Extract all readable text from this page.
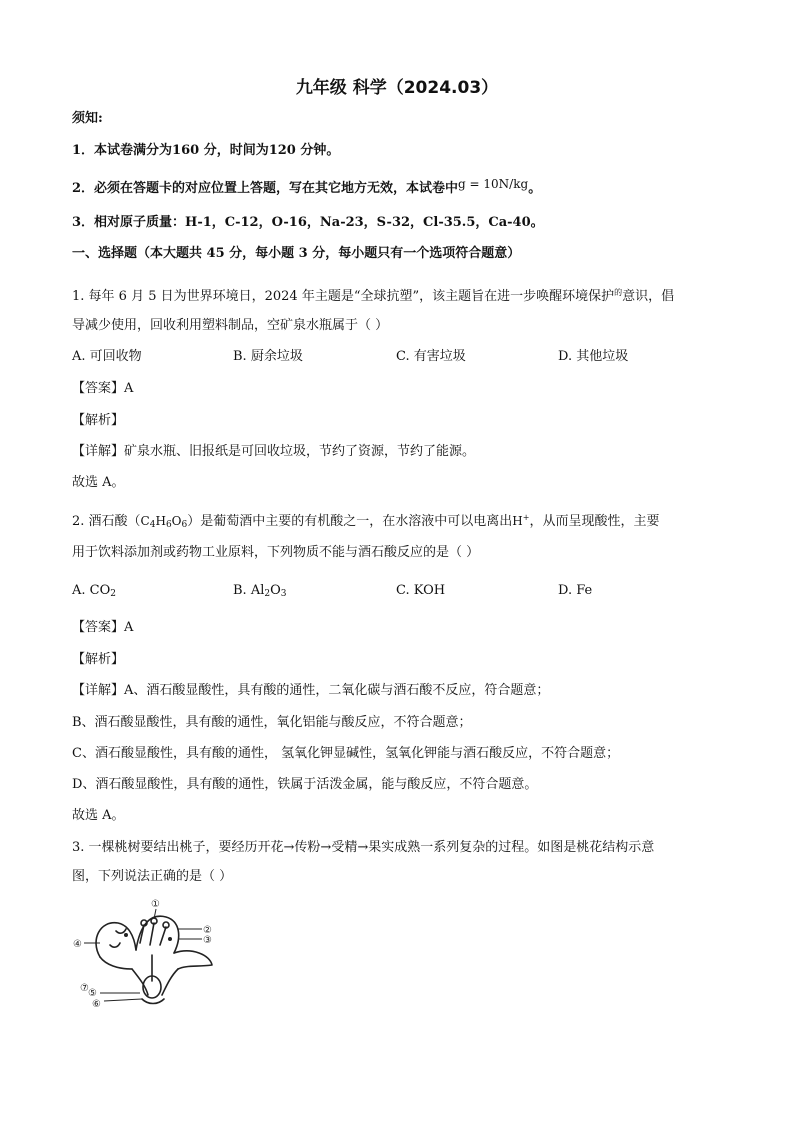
九年级 科学（2024.03）
须知:
1．本试卷满分为160 分，时间为120 分钟。
2．必须在答题卡的对应位置上答题，写在其它地方无效，本试卷中g = 10N/kg。
3．相对原子质量：H-1，C-12，O-16，Na-23，S-32，Cl-35.5，Ca-40。
一、选择题（本大题共 45 分，每小题 3 分，每小题只有一个选项符合题意）
1. 每年 6 月 5 日为世界环境日，2024 年主题是“全球抗塑”，该主题旨在进一步唤醒环境保护$^的$意识，倡
导减少使用，回收利用塑料制品，空矿泉水瓶属于（ ）
A. 可回收物	B. 厨余垃圾	C. 有害垃圾	D. 其他垃圾
【答案】A
【解析】
【详解】矿泉水瓶、旧报纸是可回收垃圾，节约了资源，节约了能源。
故选 A。
2. 酒石酸$(C_4H_6O_6)$是葡萄酒中主要的有机酸之一，在水溶液中可以电离出H+，从而呈现酸性，主要
用于饮料添加剂或药物工业原料，下列物质不能与酒石酸反应的是（ ）
A. $CO_2$	B. $Al_2O_3$	C. KOH	D. Fe
【答案】A
【解析】
【详解】A、酒石酸显酸性，具有酸的通性，二氧化碳与酒石酸不反应，符合题意；
B、酒石酸显酸性，具有酸的通性，氧化铝能与酸反应，不符合题意；
C、酒石酸显酸性，具有酸的通性， 氢氧化钾显碱性，氢氧化钾能与酒石酸反应，不符合题意；
D、酒石酸显酸性，具有酸的通性，铁属于活泼金属，能与酸反应，不符合题意。
故选 A。
3. 一棵桃树要结出桃子，要经历开花→传粉→受精→果实成熟一系列复杂的过程。如图是桃花结构示意
图，下列说法正确的是（ ）
①
②
③
④
⑤
⑥
⑦
